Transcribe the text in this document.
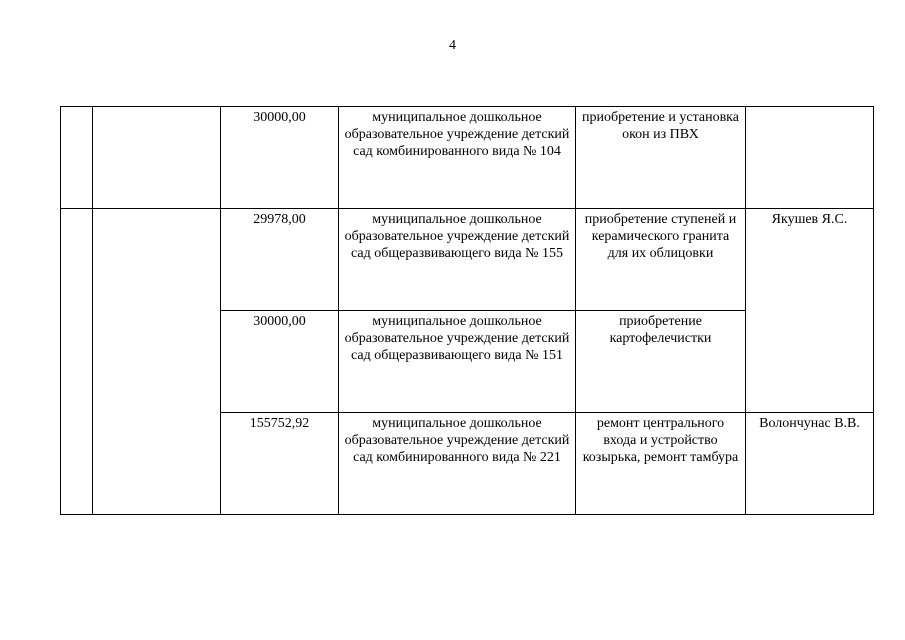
4
		30000,00	муниципальное дошкольное образовательное учреждение детский сад комбинированного вида № 104	приобретение и установка окон из ПВХ	
		29978,00	муниципальное дошкольное образовательное учреждение детский сад общеразвивающего вида № 155	приобретение ступеней и керамического гранита для их облицовки	Якушев Я.С.
		30000,00	муниципальное дошкольное образовательное учреждение детский сад общеразвивающего вида № 151	приобретение картофелечистки	
		155752,92	муниципальное дошкольное образовательное учреждение детский сад комбинированного вида № 221	ремонт центрального входа и устройство козырька, ремонт тамбура	Волончунас В.В.
